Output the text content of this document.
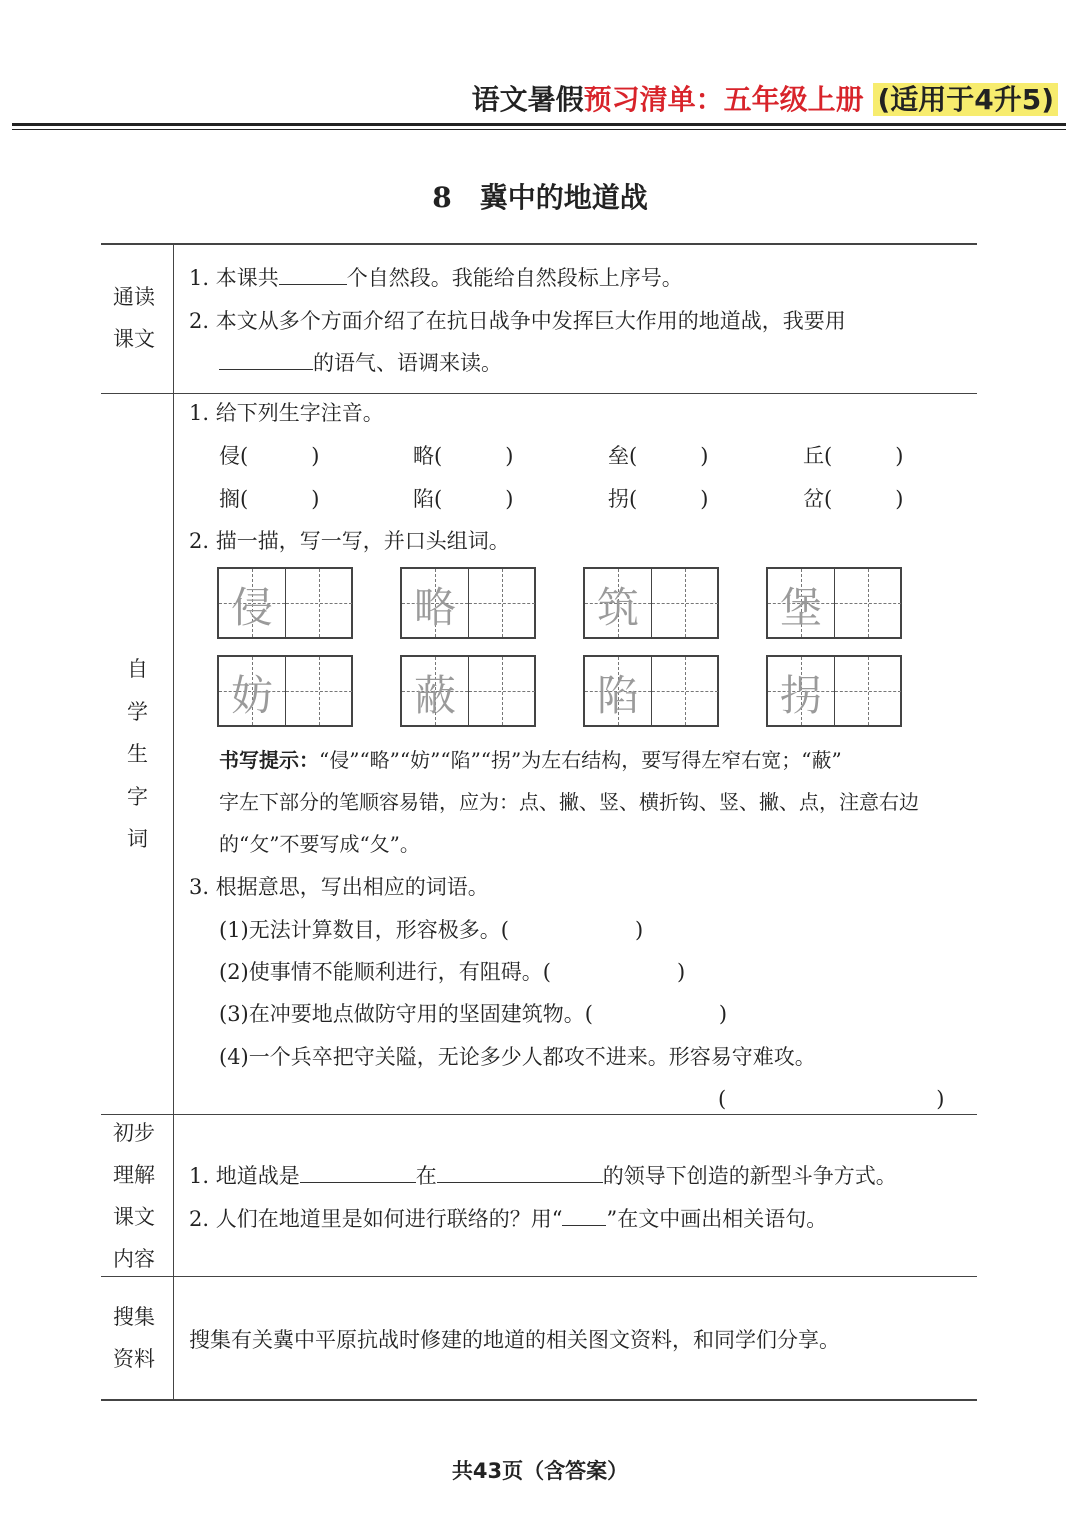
语文暑假预习清单：五年级上册 (适用于4升5)
8　冀中的地道战
通读
课文
1. 本课共	个自然段。我能给自然段标上序号。
2. 本文从多个方面介绍了在抗日战争中发挥巨大作用的地道战，我要用
的语气、语调来读。
自
学
生
字
词
1. 给下列生字注音。
侵(　　　)	略(　　　)	垒(　　　)	丘(　　　)
搁(　　　)	陷(　　　)	拐(　　　)	岔(　　　)
2. 描一描，写一写，并口头组词。
侵	略	筑	堡
妨	蔽	陷	拐
书写提示：“侵”“略”“妨”“陷”“拐”为左右结构，要写得左窄右宽；“蔽”
字左下部分的笔顺容易错，应为：点、撇、竖、横折钩、竖、撇、点，注意右边
的“攵”不要写成“夂”。
3. 根据意思，写出相应的词语。
(1)无法计算数目，形容极多。(　　　　　　)
(2)使事情不能顺利进行，有阻碍。(　　　　　　)
(3)在冲要地点做防守用的坚固建筑物。(　　　　　　)
(4)一个兵卒把守关隘，无论多少人都攻不进来。形容易守难攻。
(　　　　　　　　　　)
初步
理解
课文
内容
1. 地道战是	在	的领导下创造的新型斗争方式。
2. 人们在地道里是如何进行联络的？用“ ”在文中画出相关语句。
搜集
资料
搜集有关冀中平原抗战时修建的地道的相关图文资料，和同学们分享。
共43页（含答案）
